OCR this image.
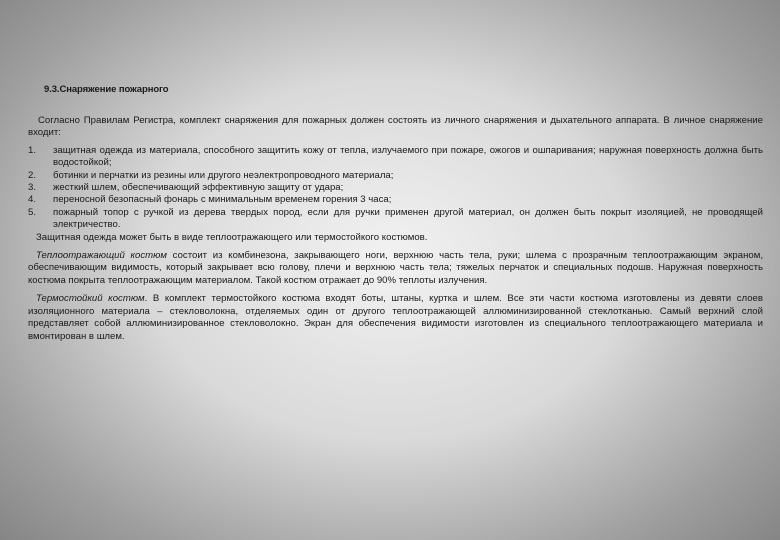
9.3.Снаряжение пожарного

Согласно Правилам Регистра, комплект снаряжения для пожарных должен состоять из личного снаряжения и дыхательного аппарата. В личное снаряжение входит:

1. защитная одежда из материала, способного защитить кожу от тепла, излучаемого при пожаре, ожогов и ошпаривания; наружная поверхность должна быть водостойкой;
2. ботинки и перчатки из резины или другого неэлектропроводного материала;
3. жесткий шлем, обеспечивающий эффективную защиту от удара;
4. переносной безопасный фонарь с минимальным временем горения 3 часа;
5. пожарный топор с ручкой из дерева твердых пород, если для ручки применен другой материал, он должен быть покрыт изоляцией, не проводящей электричество.

Защитная одежда может быть в виде теплоотражающего или термостойкого костюмов.

Теплоотражающий костюм состоит из комбинезона, закрывающего ноги, верхнюю часть тела, руки; шлема с прозрачным теплоотражающим экраном, обеспечивающим видимость, который закрывает всю голову, плечи и верхнюю часть тела; тяжелых перчаток и специальных подошв. Наружная поверхность костюма покрыта теплоотражающим материалом. Такой костюм отражает до 90% теплоты излучения.

Термостойкий костюм. В комплект термостойкого костюма входят боты, штаны, куртка и шлем. Все эти части костюма изготовлены из девяти слоев изоляционного материала – стекловолокна, отделяемых один от другого теплоотражающей аллюминизированной стеклотканью. Самый верхний слой представляет собой аллюминизированное стекловолокно. Экран для обеспечения видимости изготовлен из специального теплоотражающего материала и вмонтирован в шлем.
